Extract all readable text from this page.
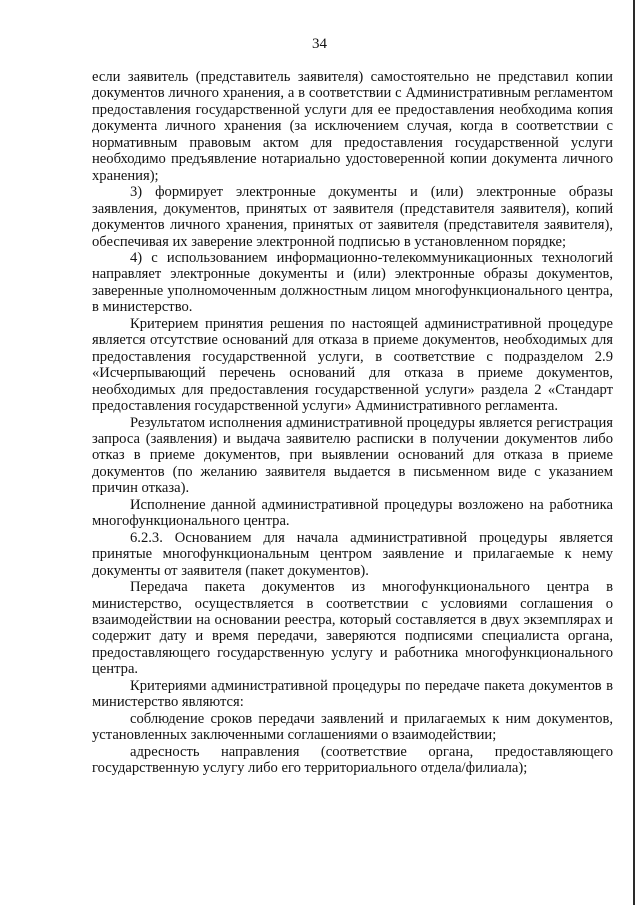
34

если заявитель (представитель заявителя) самостоятельно не представил копии документов личного хранения, а в соответствии с Административным регламентом предоставления государственной услуги для ее предоставления необходима копия документа личного хранения (за исключением случая, когда в соответствии с нормативным правовым актом для предоставления государственной услуги необходимо предъявление нотариально удостоверенной копии документа личного хранения);

3) формирует электронные документы и (или) электронные образы заявления, документов, принятых от заявителя (представителя заявителя), копий документов личного хранения, принятых от заявителя (представителя заявителя), обеспечивая их заверение электронной подписью в установленном порядке;

4) с использованием информационно-телекоммуникационных технологий направляет электронные документы и (или) электронные образы документов, заверенные уполномоченным должностным лицом многофункционального центра, в министерство.

Критерием принятия решения по настоящей административной процедуре является отсутствие оснований для отказа в приеме документов, необходимых для предоставления государственной услуги, в соответствие с подразделом 2.9 «Исчерпывающий перечень оснований для отказа в приеме документов, необходимых для предоставления государственной услуги» раздела 2 «Стандарт предоставления государственной услуги» Административного регламента.

Результатом исполнения административной процедуры является регистрация запроса (заявления) и выдача заявителю расписки в получении документов либо отказ в приеме документов, при выявлении оснований для отказа в приеме документов (по желанию заявителя выдается в письменном виде с указанием причин отказа).

Исполнение данной административной процедуры возложено на работника многофункционального центра.

6.2.3. Основанием для начала административной процедуры является принятые многофункциональным центром заявление и прилагаемые к нему документы от заявителя (пакет документов).

Передача пакета документов из многофункционального центра в министерство, осуществляется в соответствии с условиями соглашения о взаимодействии на основании реестра, который составляется в двух экземплярах и содержит дату и время передачи, заверяются подписями специалиста органа, предоставляющего государственную услугу и работника многофункционального центра.

Критериями административной процедуры по передаче пакета документов в министерство являются:

соблюдение сроков передачи заявлений и прилагаемых к ним документов, установленных заключенными соглашениями о взаимодействии;

адресность направления (соответствие органа, предоставляющего государственную услугу либо его территориального отдела/филиала);
